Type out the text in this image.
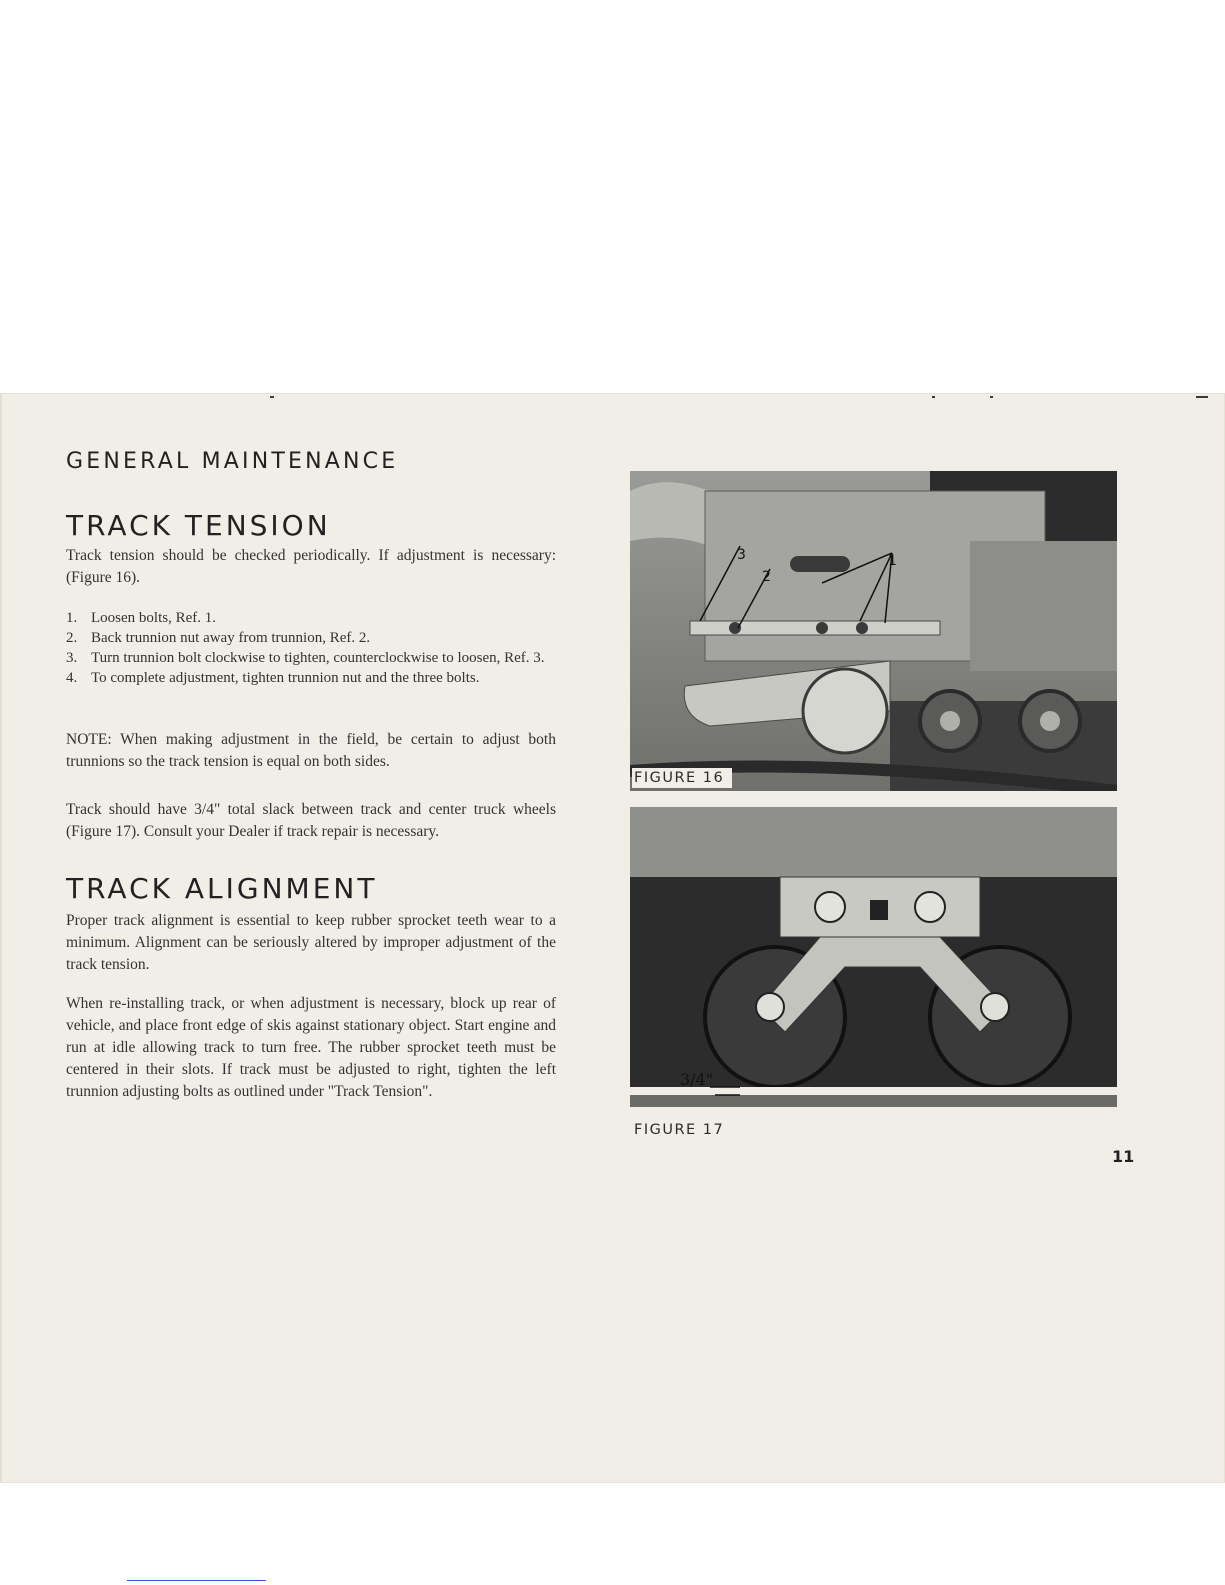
GENERAL MAINTENANCE
TRACK TENSION

Track tension should be checked periodically. If adjustment is necessary: (Figure 16).

1. Loosen bolts, Ref. 1.
2. Back trunnion nut away from trunnion, Ref. 2.
3. Turn trunnion bolt clockwise to tighten, counterclockwise to loosen, Ref. 3.
4. To complete adjustment, tighten trunnion nut and the three bolts.

NOTE: When making adjustment in the field, be certain to adjust both trunnions so the track tension is equal on both sides.

Track should have 3/4" total slack between track and center truck wheels (Figure 17). Consult your Dealer if track repair is necessary.

TRACK ALIGNMENT

Proper track alignment is essential to keep rubber sprocket teeth wear to a minimum. Alignment can be seriously altered by improper adjustment of the track tension.

When re-installing track, or when adjustment is necessary, block up rear of vehicle, and place front edge of skis against stationary object. Start engine and run at idle allowing track to turn free. The rubber sprocket teeth must be centered in their slots. If track must be adjusted to right, tighten the left trunnion adjusting bolts as outlined under "Track Tension".

3
2
1

FIGURE 16

3/4"

FIGURE 17

11
